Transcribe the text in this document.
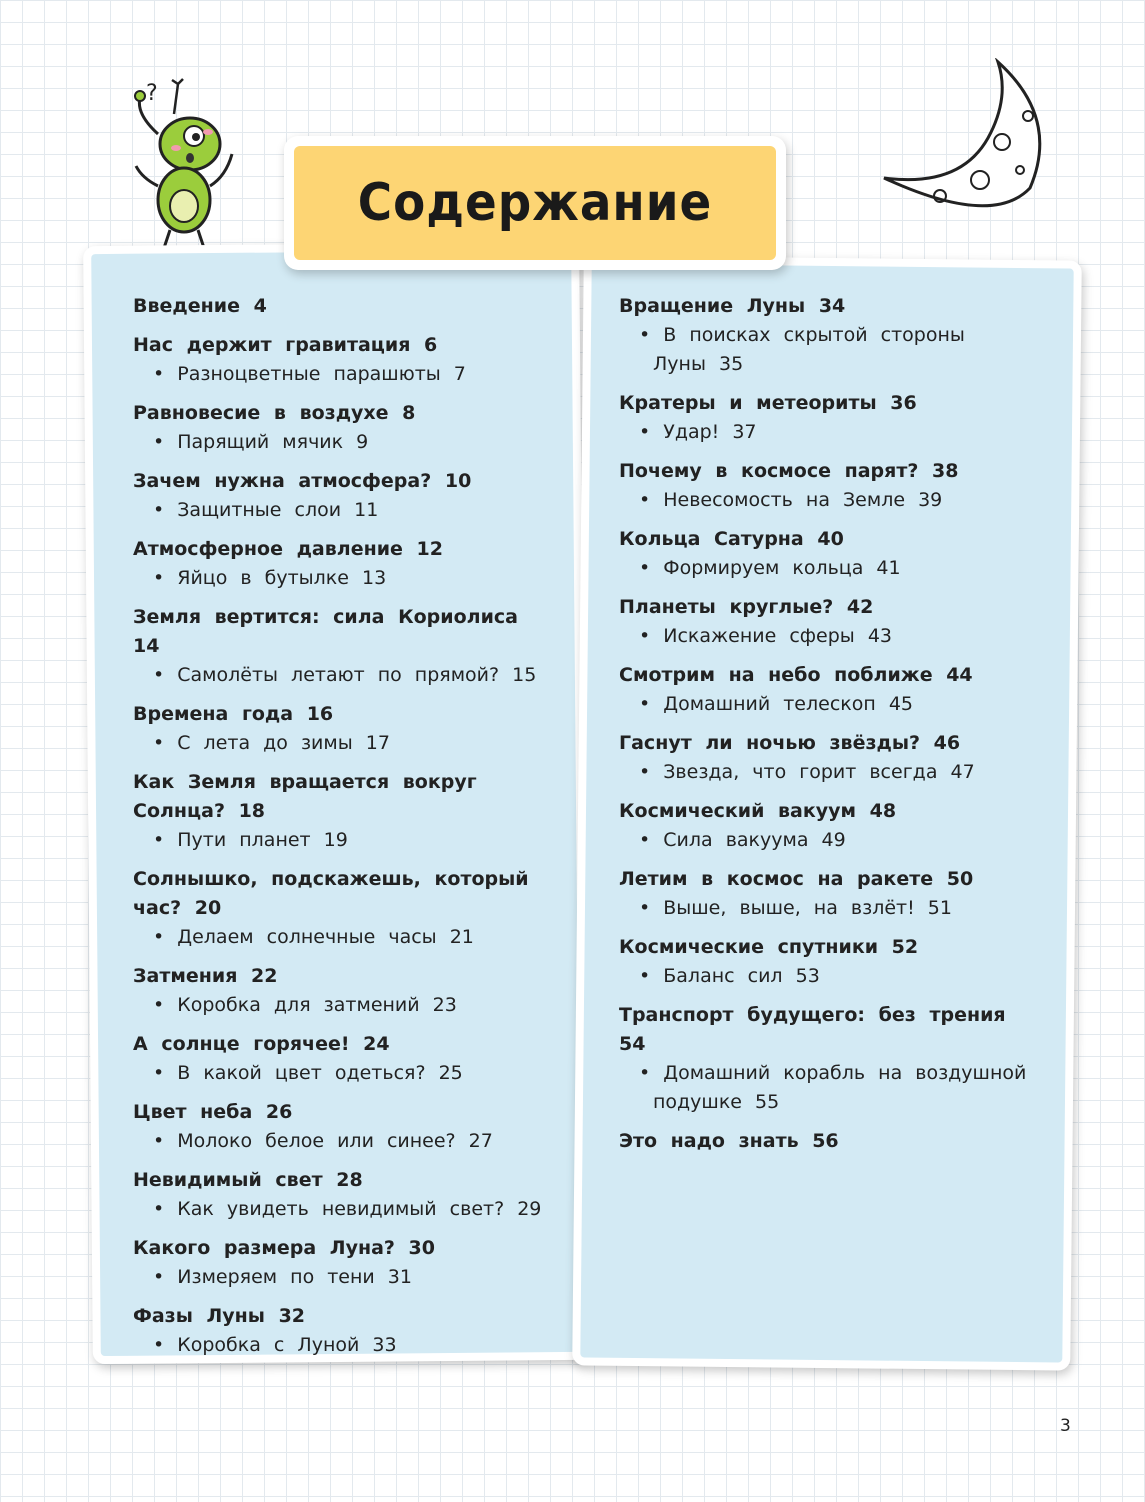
?
Содержание
Введение 4
Нас держит гравитация 6
• Разноцветные парашюты 7
Равновесие в воздухе 8
• Парящий мячик 9
Зачем нужна атмосфера? 10
• Защитные слои 11
Атмосферное давление 12
• Яйцо в бутылке 13
Земля вертится: сила Кориолиса 14
• Самолёты летают по прямой? 15
Времена года 16
• С лета до зимы 17
Как Земля вращается вокруг Солнца? 18
• Пути планет 19
Солнышко, подскажешь, который час? 20
• Делаем солнечные часы 21
Затмения 22
• Коробка для затмений 23
А солнце горячее! 24
• В какой цвет одеться? 25
Цвет неба 26
• Молоко белое или синее? 27
Невидимый свет 28
• Как увидеть невидимый свет? 29
Какого размера Луна? 30
• Измеряем по тени 31
Фазы Луны 32
• Коробка с Луной 33
Вращение Луны 34
• В поисках скрытой стороны Луны 35
Кратеры и метеориты 36
• Удар! 37
Почему в космосе парят? 38
• Невесомость на Земле 39
Кольца Сатурна 40
• Формируем кольца 41
Планеты круглые? 42
• Искажение сферы 43
Смотрим на небо поближе 44
• Домашний телескоп 45
Гаснут ли ночью звёзды? 46
• Звезда, что горит всегда 47
Космический вакуум 48
• Сила вакуума 49
Летим в космос на ракете 50
• Выше, выше, на взлёт! 51
Космические спутники 52
• Баланс сил 53
Транспорт будущего: без трения 54
• Домашний корабль на воздушной подушке 55
Это надо знать 56
3
